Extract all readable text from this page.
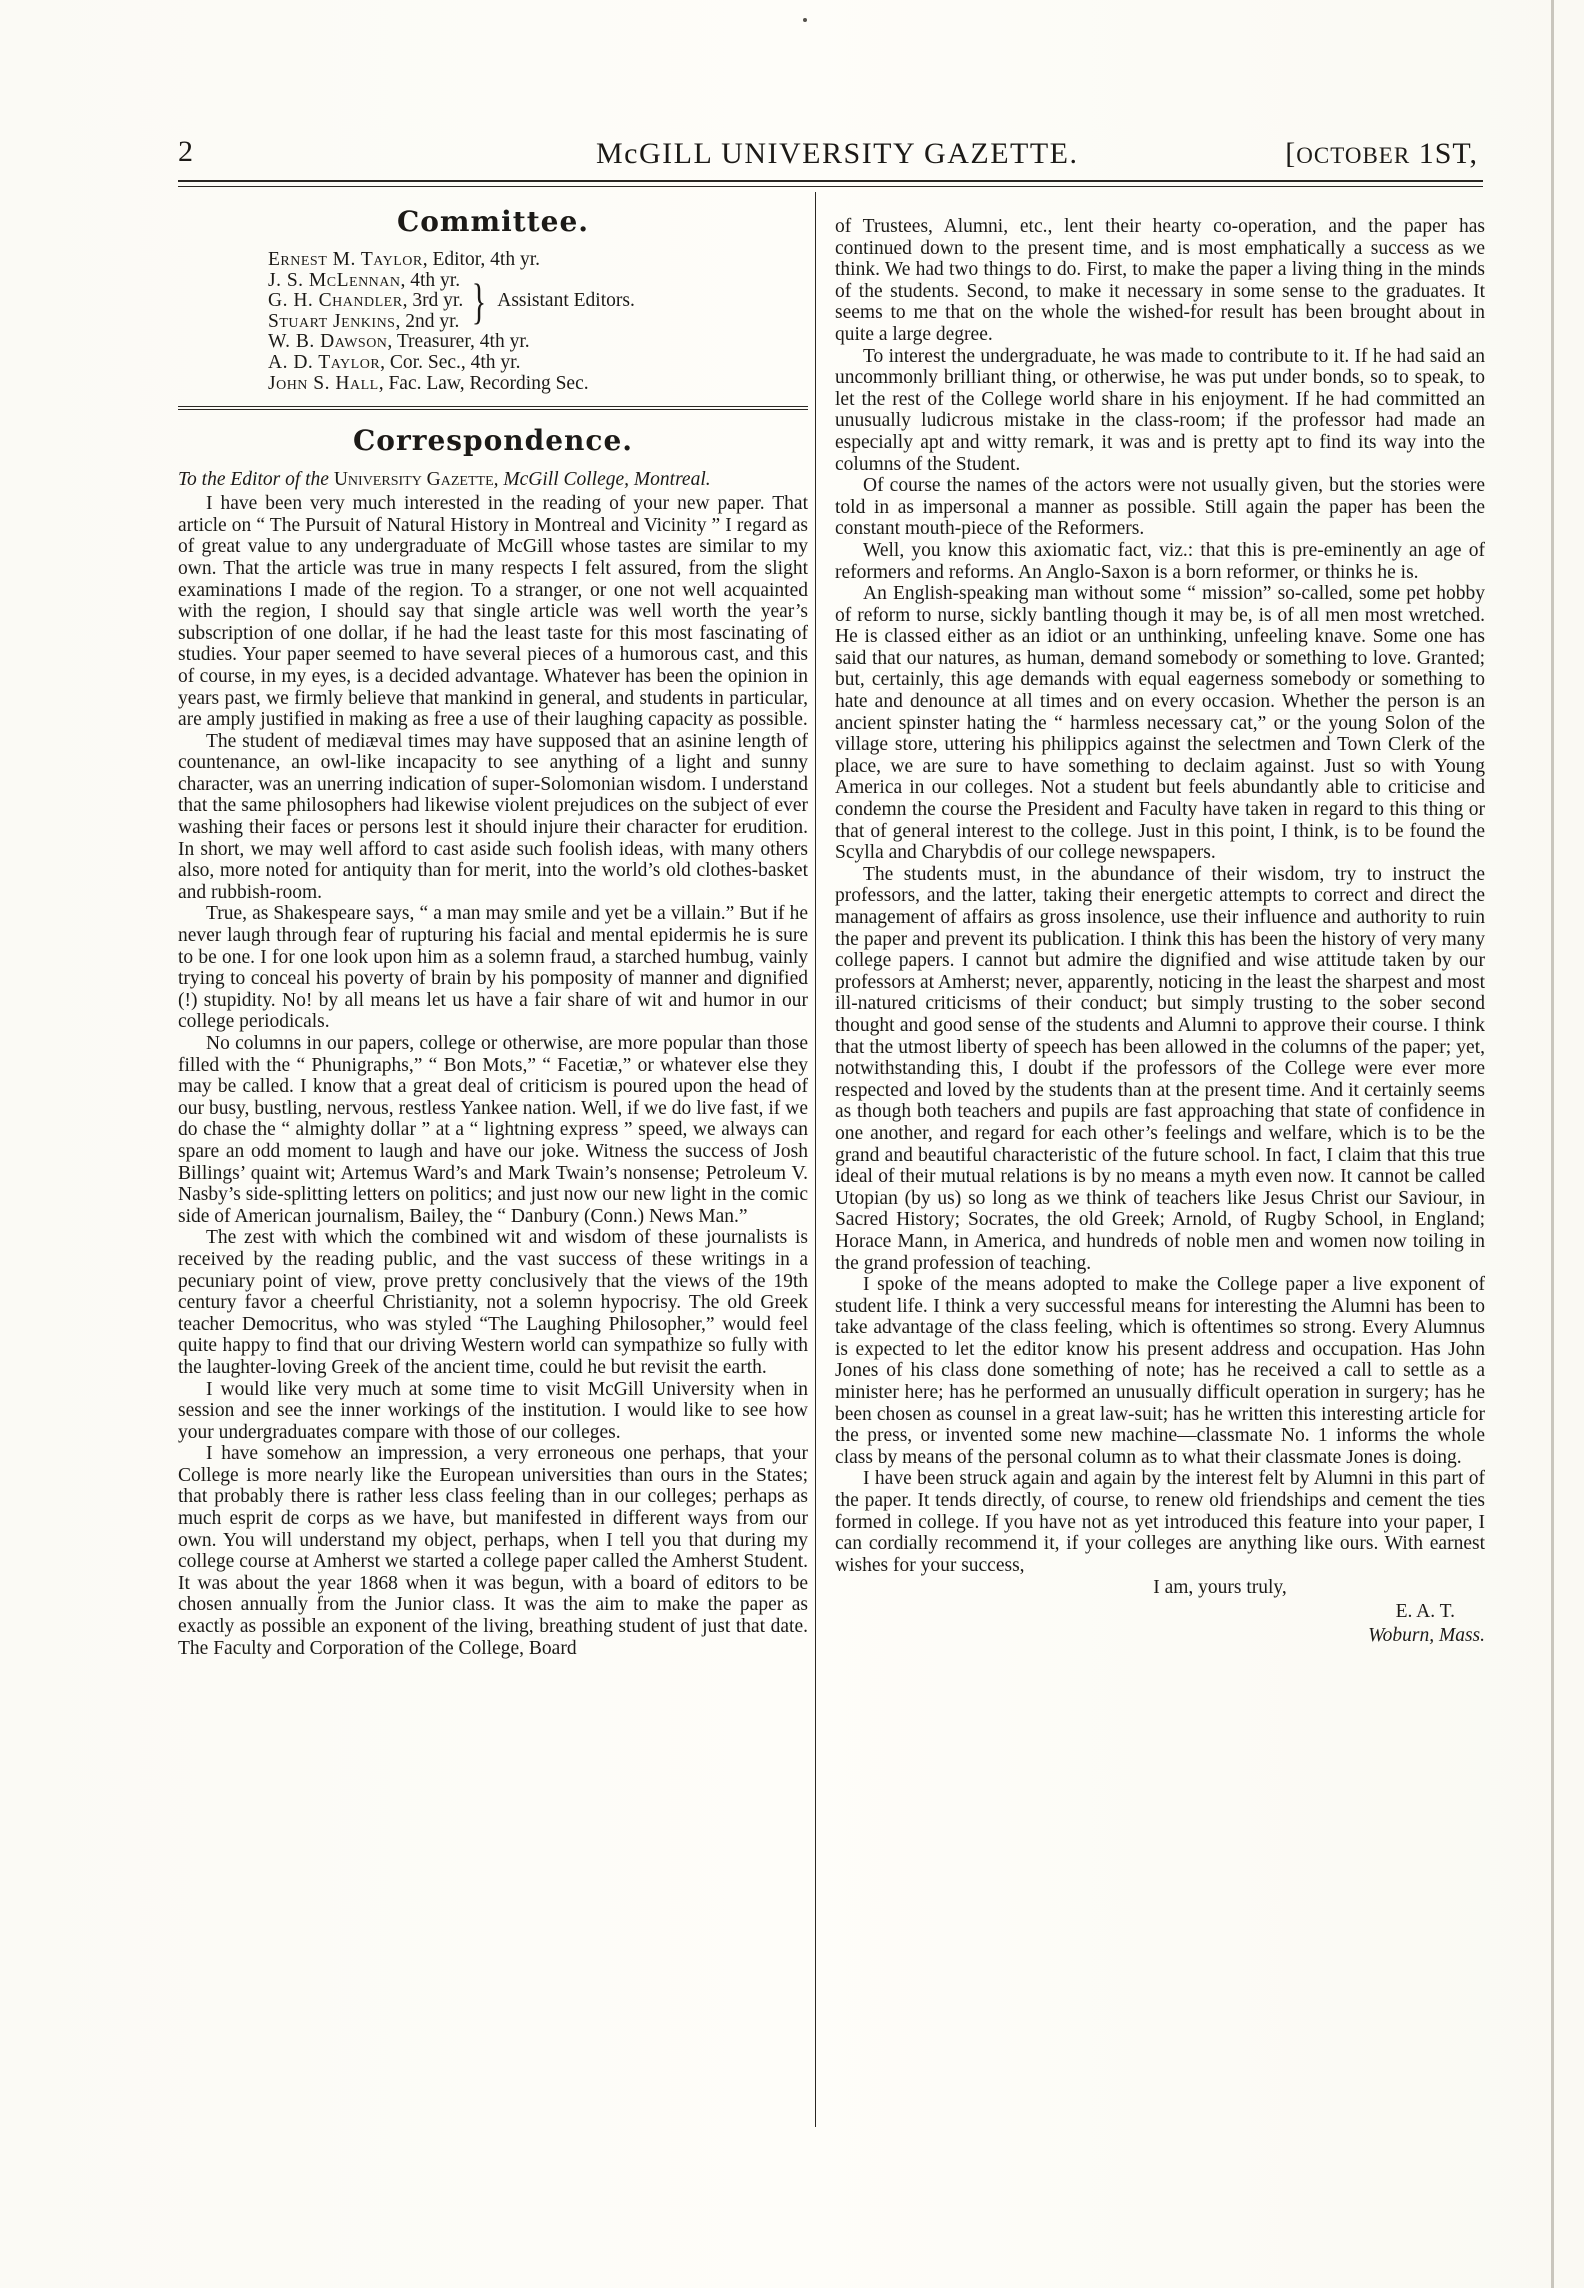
2	McGILL UNIVERSITY GAZETTE.	[OCTOBER 1ST,
Committee.
Ernest M. Taylor , Editor, 4th yr.
J. S. McLennan , 4th yr.
G. H. Chandler , 3rd yr.
Stuart Jenkins , 2nd yr. } Assistant Editors.
W. B. Dawson , Treasurer, 4th yr.
A. D. Taylor , Cor. Sec., 4th yr.
John S. Hall , Fac. Law, Recording Sec.
Correspondence.
To the Editor of the University Gazette, McGill College, Montreal.

I have been very much interested in the reading of your new paper. That article on “ The Pursuit of Natural History in Montreal and Vicinity ” I regard as of great value to any undergraduate of McGill whose tastes are similar to my own. That the article was true in many respects I felt assured, from the slight examinations I made of the region. To a stranger, or one not well acquainted with the region, I should say that single article was well worth the year’s subscription of one dollar, if he had the least taste for this most fascinating of studies. Your paper seemed to have several pieces of a humorous cast, and this of course, in my eyes, is a decided advantage. Whatever has been the opinion in years past, we firmly believe that mankind in general, and students in particular, are amply justified in making as free a use of their laughing capacity as possible.

The student of mediæval times may have supposed that an asinine length of countenance, an owl-like incapacity to see anything of a light and sunny character, was an unerring indication of super-Solomonian wisdom. I understand that the same philosophers had likewise violent prejudices on the subject of ever washing their faces or persons lest it should injure their character for erudition. In short, we may well afford to cast aside such foolish ideas, with many others also, more noted for antiquity than for merit, into the world’s old clothes-basket and rubbish-room.

True, as Shakespeare says, “ a man may smile and yet be a villain.” But if he never laugh through fear of rupturing his facial and mental epidermis he is sure to be one. I for one look upon him as a solemn fraud, a starched humbug, vainly trying to conceal his poverty of brain by his pomposity of manner and dignified (!) stupidity. No! by all means let us have a fair share of wit and humor in our college periodicals.

No columns in our papers, college or otherwise, are more popular than those filled with the “ Phunigraphs,” “ Bon Mots,” “ Facetiæ,” or whatever else they may be called. I know that a great deal of criticism is poured upon the head of our busy, bustling, nervous, restless Yankee nation. Well, if we do live fast, if we do chase the “ almighty dollar ” at a “ lightning express ” speed, we always can spare an odd moment to laugh and have our joke. Witness the success of Josh Billings’ quaint wit; Artemus Ward’s and Mark Twain’s nonsense; Petroleum V. Nasby’s side-splitting letters on politics; and just now our new light in the comic side of American journalism, Bailey, the “ Danbury (Conn.) News Man.”

The zest with which the combined wit and wisdom of these journalists is received by the reading public, and the vast success of these writings in a pecuniary point of view, prove pretty conclusively that the views of the 19th century favor a cheerful Christianity, not a solemn hypocrisy. The old Greek teacher Democritus, who was styled “The Laughing Philosopher,” would feel quite happy to find that our driving Western world can sympathize so fully with the laughter-loving Greek of the ancient time, could he but revisit the earth.

I would like very much at some time to visit McGill University when in session and see the inner workings of the institution. I would like to see how your undergraduates compare with those of our colleges.

I have somehow an impression, a very erroneous one perhaps, that your College is more nearly like the European universities than ours in the States; that probably there is rather less class feeling than in our colleges; perhaps as much esprit de corps as we have, but manifested in different ways from our own. You will understand my object, perhaps, when I tell you that during my college course at Amherst we started a college paper called the Amherst Student. It was about the year 1868 when it was begun, with a board of editors to be chosen annually from the Junior class. It was the aim to make the paper as exactly as possible an exponent of the living, breathing student of just that date. The Faculty and Corporation of the College, Board

of Trustees, Alumni, etc., lent their hearty co-operation, and the paper has continued down to the present time, and is most emphatically a success as we think. We had two things to do. First, to make the paper a living thing in the minds of the students. Second, to make it necessary in some sense to the graduates. It seems to me that on the whole the wished-for result has been brought about in quite a large degree.

To interest the undergraduate, he was made to contribute to it. If he had said an uncommonly brilliant thing, or otherwise, he was put under bonds, so to speak, to let the rest of the College world share in his enjoyment. If he had committed an unusually ludicrous mistake in the class-room; if the professor had made an especially apt and witty remark, it was and is pretty apt to find its way into the columns of the Student.

Of course the names of the actors were not usually given, but the stories were told in as impersonal a manner as possible. Still again the paper has been the constant mouth-piece of the Reformers.

Well, you know this axiomatic fact, viz.: that this is pre-eminently an age of reformers and reforms. An Anglo-Saxon is a born reformer, or thinks he is.

An English-speaking man without some “ mission” so-called, some pet hobby of reform to nurse, sickly bantling though it may be, is of all men most wretched. He is classed either as an idiot or an unthinking, unfeeling knave. Some one has said that our natures, as human, demand somebody or something to love. Granted; but, certainly, this age demands with equal eagerness somebody or something to hate and denounce at all times and on every occasion. Whether the person is an ancient spinster hating the “ harmless necessary cat,” or the young Solon of the village store, uttering his philippics against the selectmen and Town Clerk of the place, we are sure to have something to declaim against. Just so with Young America in our colleges. Not a student but feels abundantly able to criticise and condemn the course the President and Faculty have taken in regard to this thing or that of general interest to the college. Just in this point, I think, is to be found the Scylla and Charybdis of our college newspapers.

The students must, in the abundance of their wisdom, try to instruct the professors, and the latter, taking their energetic attempts to correct and direct the management of affairs as gross insolence, use their influence and authority to ruin the paper and prevent its publication. I think this has been the history of very many college papers. I cannot but admire the dignified and wise attitude taken by our professors at Amherst; never, apparently, noticing in the least the sharpest and most ill-natured criticisms of their conduct; but simply trusting to the sober second thought and good sense of the students and Alumni to approve their course. I think that the utmost liberty of speech has been allowed in the columns of the paper; yet, notwithstanding this, I doubt if the professors of the College were ever more respected and loved by the students than at the present time. And it certainly seems as though both teachers and pupils are fast approaching that state of confidence in one another, and regard for each other’s feelings and welfare, which is to be the grand and beautiful characteristic of the future school. In fact, I claim that this true ideal of their mutual relations is by no means a myth even now. It cannot be called Utopian (by us) so long as we think of teachers like Jesus Christ our Saviour, in Sacred History; Socrates, the old Greek; Arnold, of Rugby School, in England; Horace Mann, in America, and hundreds of noble men and women now toiling in the grand profession of teaching.

I spoke of the means adopted to make the College paper a live exponent of student life. I think a very successful means for interesting the Alumni has been to take advantage of the class feeling, which is oftentimes so strong. Every Alumnus is expected to let the editor know his present address and occupation. Has John Jones of his class done something of note; has he received a call to settle as a minister here; has he performed an unusually difficult operation in surgery; has he been chosen as counsel in a great law-suit; has he written this interesting article for the press, or invented some new machine—classmate No. 1 informs the whole class by means of the personal column as to what their classmate Jones is doing.

I have been struck again and again by the interest felt by Alumni in this part of the paper. It tends directly, of course, to renew old friendships and cement the ties formed in college. If you have not as yet introduced this feature into your paper, I can cordially recommend it, if your colleges are anything like ours. With earnest wishes for your success,

I am, yours truly,
E. A. T.
Woburn, Mass.
